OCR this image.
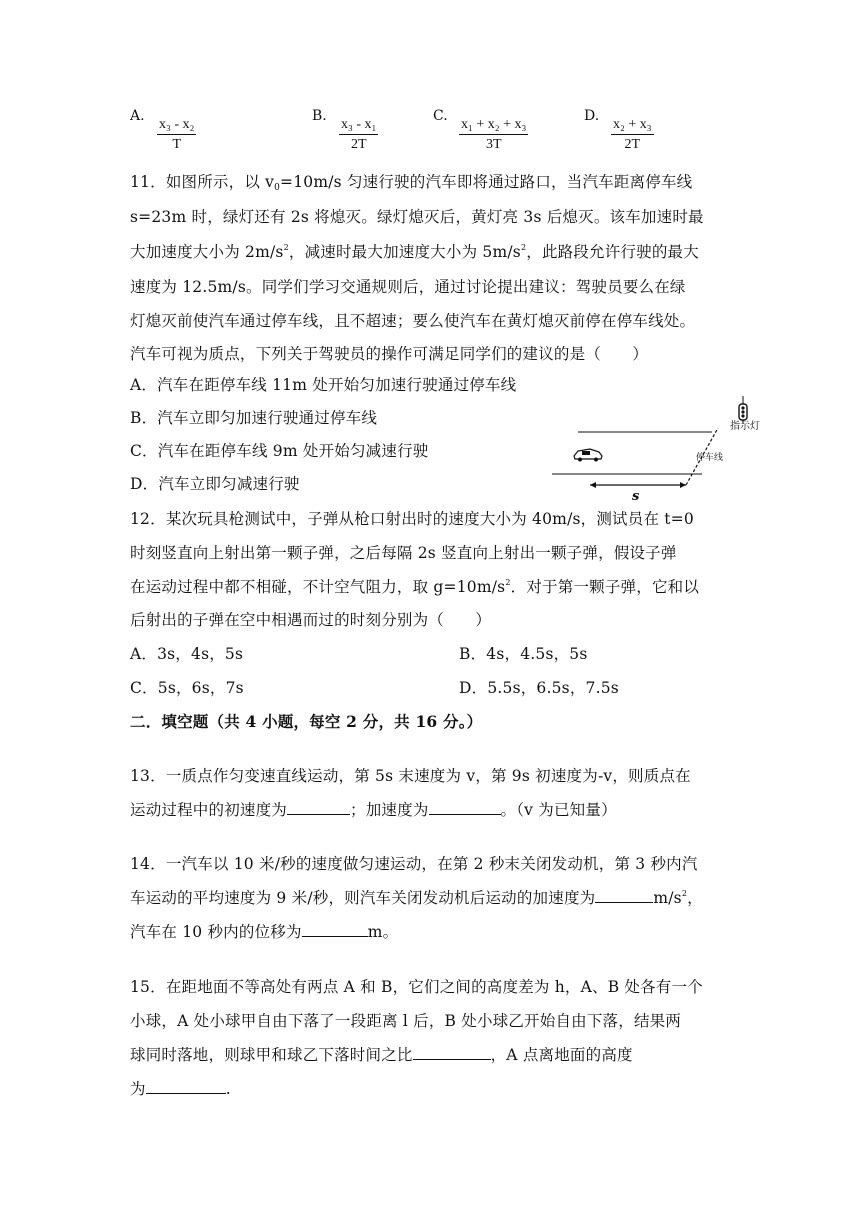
A.
$\frac{\text{x₃ - x₂}}{T}$
B.
$\frac{\text{x₃ - x₁}}{2T}$
C.
$\frac{\text{x₁ + x₂ + x₃}}{3T}$
D.
$\frac{\text{x₂ + x₃}}{2T}$
11．如图所示，以 $v_0=10m/s$ 匀速行驶的汽车即将通过路口，当汽车距离停车线
s=23m 时，绿灯还有 2s 将熄灭。绿灯熄灭后，黄灯亮 3s 后熄灭。该车加速时最
大加速度大小为 $2m/s^2$，减速时最大加速度大小为 $5m/s^2$，此路段允许行驶的最大
速度为 12.5m/s。同学们学习交通规则后，通过讨论提出建议：驾驶员要么在绿
灯熄灭前使汽车通过停车线，且不超速；要么使汽车在黄灯熄灭前停在停车线处。
汽车可视为质点，下列关于驾驶员的操作可满足同学们的建议的是（　　）
A．汽车在距停车线 11m 处开始匀加速行驶通过停车线
B．汽车立即匀加速行驶通过停车线
C．汽车在距停车线 9m 处开始匀减速行驶
D．汽车立即匀减速行驶
指示灯
停车线
s
12．某次玩具枪测试中，子弹从枪口射出时的速度大小为 40m/s，测试员在 t=0
时刻竖直向上射出第一颗子弹，之后每隔 2s 竖直向上射出一颗子弹，假设子弹
在运动过程中都不相碰，不计空气阻力，取 $g=10m/s^2$．对于第一颗子弹，它和以
后射出的子弹在空中相遇而过的时刻分别为（　　）
A．3s，4s，5s	B．4s，4.5s，5s
C．5s，6s，7s	D．5.5s，6.5s，7.5s
二．填空题（共 4 小题，每空 2 分，共 16 分。）
13．一质点作匀变速直线运动，第 5s 末速度为 v，第 9s 初速度为-v，则质点在
运动过程中的初速度为	；加速度为	。（v 为已知量）
14．一汽车以 10 米/秒的速度做匀速运动，在第 2 秒末关闭发动机，第 3 秒内汽
车运动的平均速度为 9 米/秒，则汽车关闭发动机后运动的加速度为	$m/s^2$，
汽车在 10 秒内的位移为	m。
15．在距地面不等高处有两点 A 和 B，它们之间的高度差为 h，A、B 处各有一个
小球，A 处小球甲自由下落了一段距离 l 后，B 处小球乙开始自由下落，结果两
球同时落地，则球甲和球乙下落时间之比	，A 点离地面的高度
为	.
